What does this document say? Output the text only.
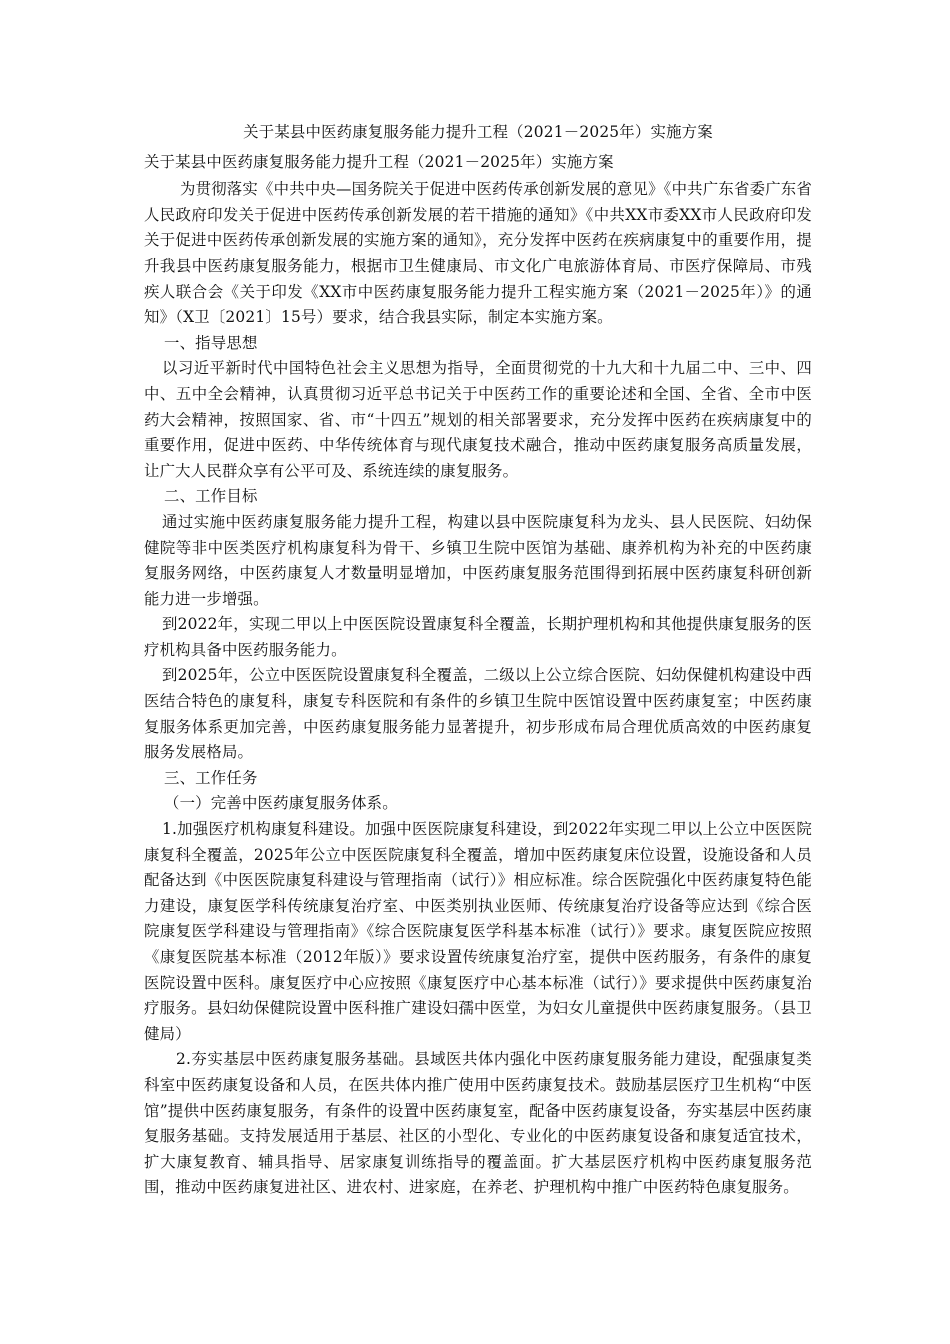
关于某县中医药康复服务能力提升工程（2021－2025年）实施方案

关于某县中医药康复服务能力提升工程（2021－2025年）实施方案

为贯彻落实《中共中央—国务院关于促进中医药传承创新发展的意见》《中共广东省委广东省人民政府印发关于促进中医药传承创新发展的若干措施的通知》《中共XX市委XX市人民政府印发关于促进中医药传承创新发展的实施方案的通知》，充分发挥中医药在疾病康复中的重要作用，提升我县中医药康复服务能力，根据市卫生健康局、市文化广电旅游体育局、市医疗保障局、市残疾人联合会《关于印发《XX市中医药康复服务能力提升工程实施方案（2021－2025年）》的通知》（X卫〔2021〕15号）要求，结合我县实际，制定本实施方案。

一、指导思想

以习近平新时代中国特色社会主义思想为指导，全面贯彻党的十九大和十九届二中、三中、四中、五中全会精神，认真贯彻习近平总书记关于中医药工作的重要论述和全国、全省、全市中医药大会精神，按照国家、省、市“十四五”规划的相关部署要求，充分发挥中医药在疾病康复中的重要作用，促进中医药、中华传统体育与现代康复技术融合，推动中医药康复服务高质量发展，让广大人民群众享有公平可及、系统连续的康复服务。

二、工作目标

通过实施中医药康复服务能力提升工程，构建以县中医院康复科为龙头、县人民医院、妇幼保健院等非中医类医疗机构康复科为骨干、乡镇卫生院中医馆为基础、康养机构为补充的中医药康复服务网络，中医药康复人才数量明显增加，中医药康复服务范围得到拓展中医药康复科研创新能力进一步增强。

到2022年，实现二甲以上中医医院设置康复科全覆盖，长期护理机构和其他提供康复服务的医疗机构具备中医药服务能力。

到2025年，公立中医医院设置康复科全覆盖，二级以上公立综合医院、妇幼保健机构建设中西医结合特色的康复科，康复专科医院和有条件的乡镇卫生院中医馆设置中医药康复室；中医药康复服务体系更加完善，中医药康复服务能力显著提升，初步形成布局合理优质高效的中医药康复服务发展格局。

三、工作任务

（一）完善中医药康复服务体系。

1.加强医疗机构康复科建设。加强中医医院康复科建设，到2022年实现二甲以上公立中医医院康复科全覆盖，2025年公立中医医院康复科全覆盖，增加中医药康复床位设置，设施设备和人员配备达到《中医医院康复科建设与管理指南（试行）》相应标准。综合医院强化中医药康复特色能力建设，康复医学科传统康复治疗室、中医类别执业医师、传统康复治疗设备等应达到《综合医院康复医学科建设与管理指南》《综合医院康复医学科基本标准（试行）》要求。康复医院应按照《康复医院基本标准（2012年版）》要求设置传统康复治疗室，提供中医药服务，有条件的康复医院设置中医科。康复医疗中心应按照《康复医疗中心基本标准（试行）》要求提供中医药康复治疗服务。县妇幼保健院设置中医科推广建设妇孺中医堂，为妇女儿童提供中医药康复服务。（县卫健局）

2.夯实基层中医药康复服务基础。县域医共体内强化中医药康复服务能力建设，配强康复类科室中医药康复设备和人员，在医共体内推广使用中医药康复技术。鼓励基层医疗卫生机构“中医馆”提供中医药康复服务，有条件的设置中医药康复室，配备中医药康复设备，夯实基层中医药康复服务基础。支持发展适用于基层、社区的小型化、专业化的中医药康复设备和康复适宜技术，扩大康复教育、辅具指导、居家康复训练指导的覆盖面。扩大基层医疗机构中医药康复服务范围，推动中医药康复进社区、进农村、进家庭，在养老、护理机构中推广中医药特色康复服务。
